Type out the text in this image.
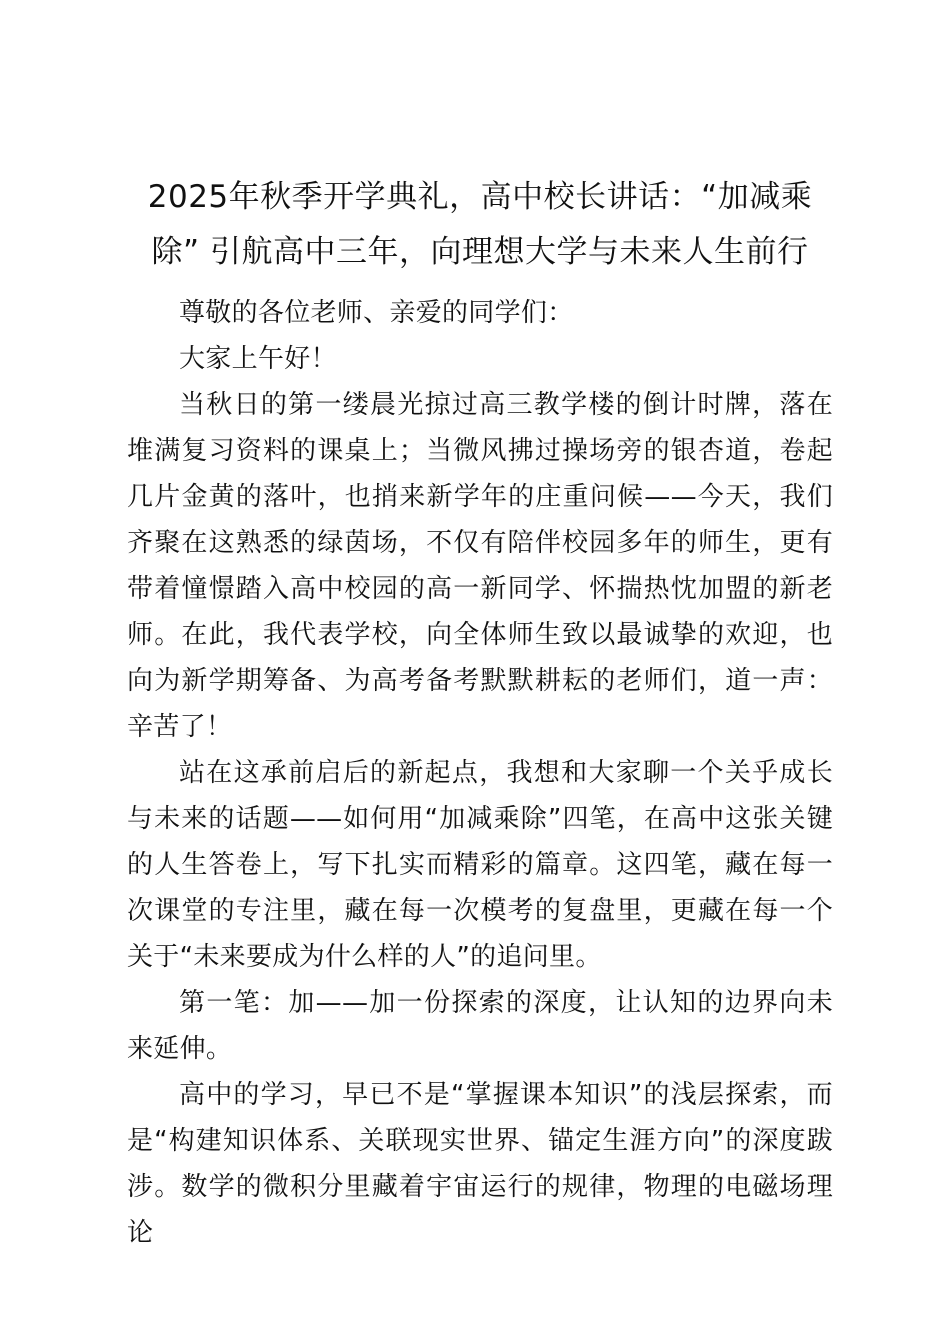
2025年秋季开学典礼，高中校长讲话：“加减乘除” 引航高中三年，向理想大学与未来人生前行

尊敬的各位老师、亲爱的同学们：

大家上午好！

当秋日的第一缕晨光掠过高三教学楼的倒计时牌，落在堆满复习资料的课桌上；当微风拂过操场旁的银杏道，卷起几片金黄的落叶，也捎来新学年的庄重问候——今天，我们齐聚在这熟悉的绿茵场，不仅有陪伴校园多年的师生，更有带着憧憬踏入高中校园的高一新同学、怀揣热忱加盟的新老师。在此，我代表学校，向全体师生致以最诚挚的欢迎，也向为新学期筹备、为高考备考默默耕耘的老师们，道一声：辛苦了！

站在这承前启后的新起点，我想和大家聊一个关乎成长与未来的话题——如何用“加减乘除”四笔，在高中这张关键的人生答卷上，写下扎实而精彩的篇章。这四笔，藏在每一次课堂的专注里，藏在每一次模考的复盘里，更藏在每一个关于“未来要成为什么样的人”的追问里。

第一笔：加——加一份探索的深度，让认知的边界向未来延伸。

高中的学习，早已不是“掌握课本知识”的浅层探索，而是“构建知识体系、关联现实世界、锚定生涯方向”的深度跋涉。数学的微积分里藏着宇宙运行的规律，物理的电磁场理论
